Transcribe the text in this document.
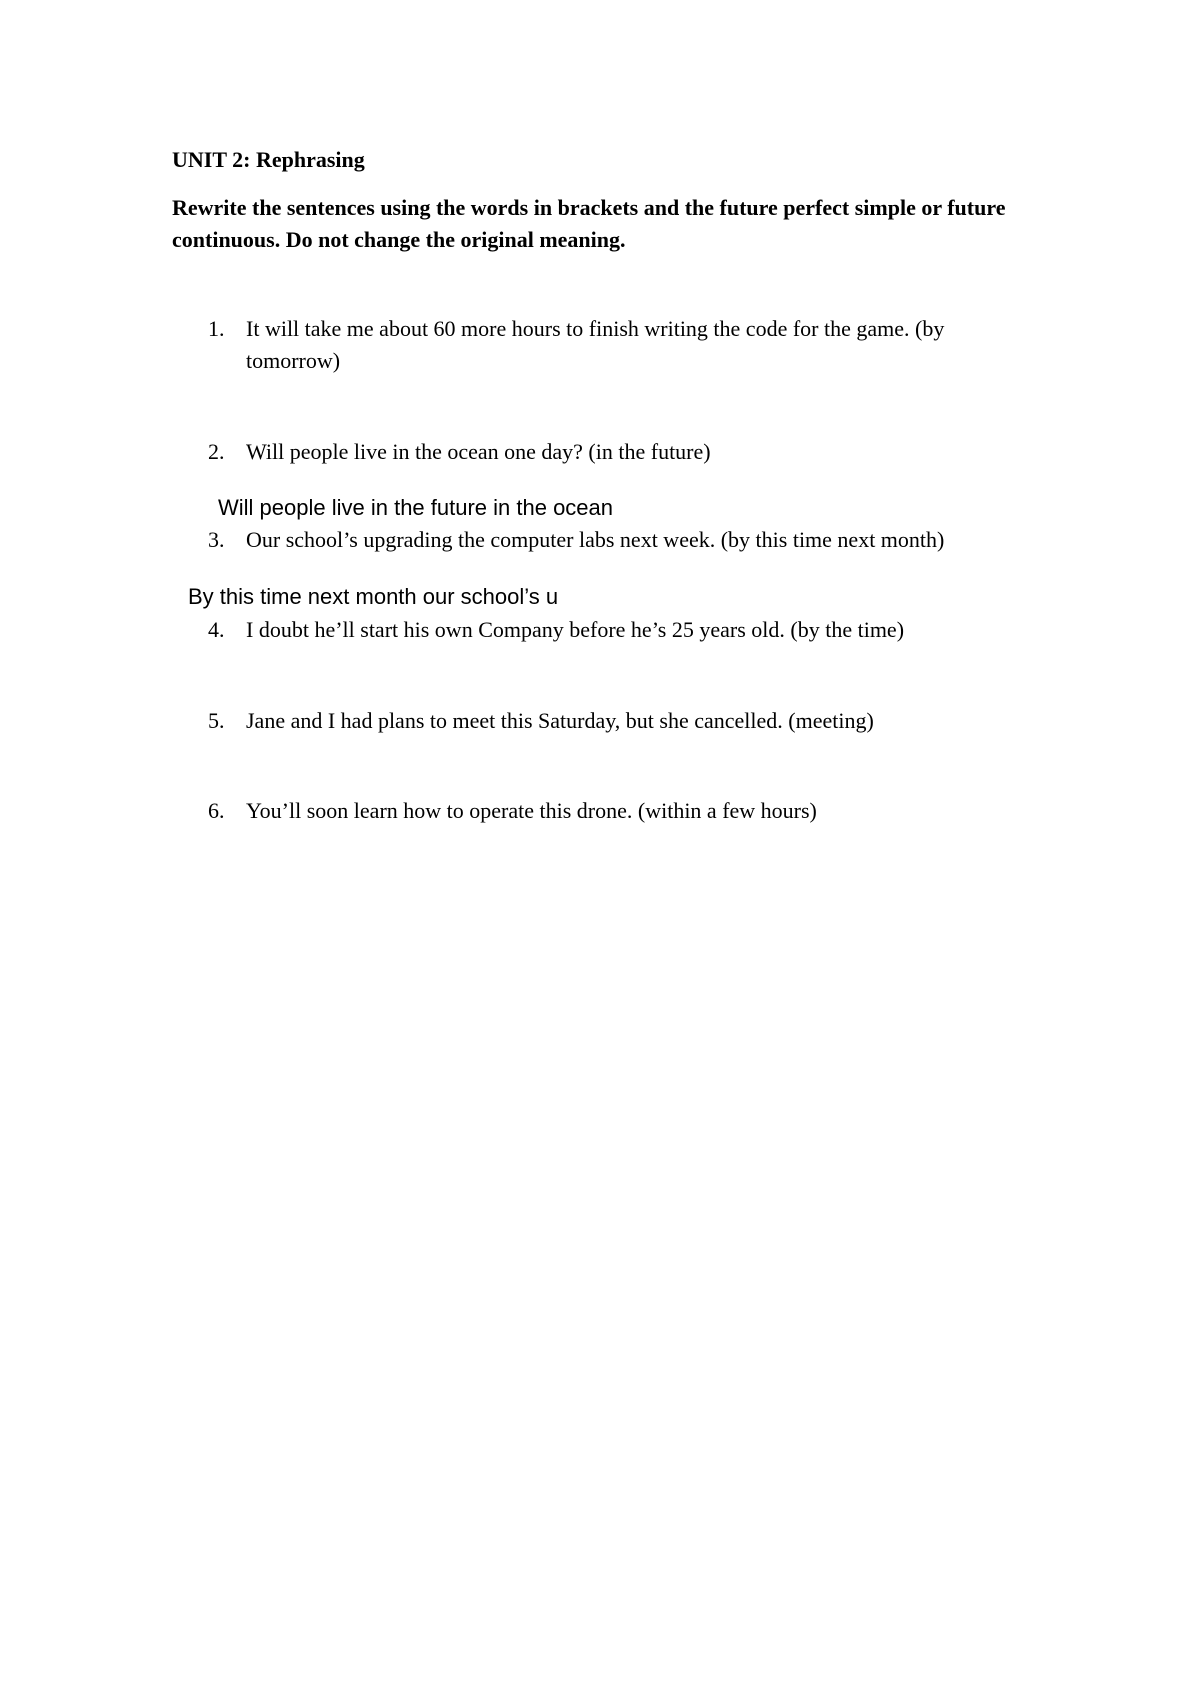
UNIT 2: Rephrasing
Rewrite the sentences using the words in brackets and the future perfect simple or future continuous. Do not change the original meaning.
1. It will take me about 60 more hours to finish writing the code for the game. (by tomorrow)
2. Will people live in the ocean one day? (in the future)
Will people live in the future in the ocean
3. Our school’s upgrading the computer labs next week. (by this time next month)
By this time next month our school’s u
4. I doubt he’ll start his own Company before he’s 25 years old. (by the time)
5. Jane and I had plans to meet this Saturday, but she cancelled. (meeting)
6. You’ll soon learn how to operate this drone. (within a few hours)
